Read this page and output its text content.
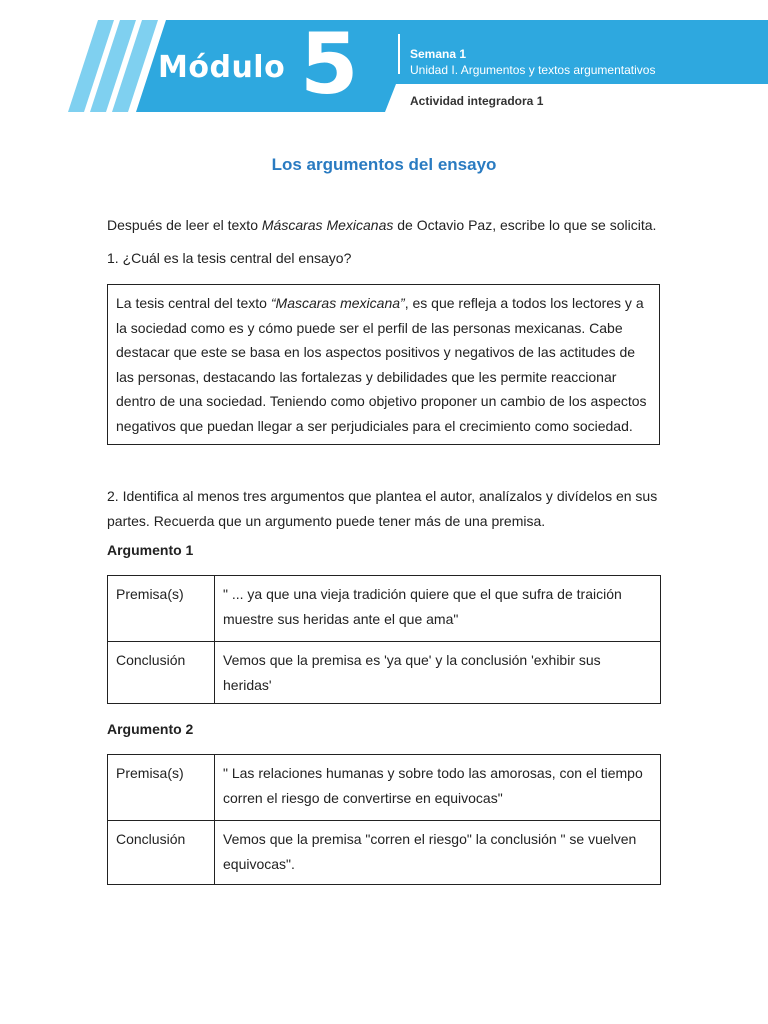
Módulo 5	Semana 1
Unidad I. Argumentos y textos argumentativos
Actividad integradora 1
Los argumentos del ensayo
Después de leer el texto Máscaras Mexicanas de Octavio Paz, escribe lo que se solicita.
1. ¿Cuál es la tesis central del ensayo?
La tesis central del texto “Mascaras mexicana”, es que refleja a todos los lectores y a la sociedad como es y cómo puede ser el perfil de las personas mexicanas. Cabe destacar que este se basa en los aspectos positivos y negativos de las actitudes de las personas, destacando las fortalezas y debilidades que les permite reaccionar dentro de una sociedad. Teniendo como objetivo proponer un cambio de los aspectos negativos que puedan llegar a ser perjudiciales para el crecimiento como sociedad.
2. Identifica al menos tres argumentos que plantea el autor, analízalos y divídelos en sus partes. Recuerda que un argumento puede tener más de una premisa.
Argumento 1
Premisa(s)	" ... ya que una vieja tradición quiere que el que sufra de traición muestre sus heridas ante el que ama"
Conclusión	Vemos que la premisa es 'ya que' y la conclusión 'exhibir sus heridas'
Argumento 2
Premisa(s)	" Las relaciones humanas y sobre todo las amorosas, con el tiempo corren el riesgo de convertirse en equivocas"
Conclusión	Vemos que la premisa "corren el riesgo" la conclusión " se vuelven equivocas".
